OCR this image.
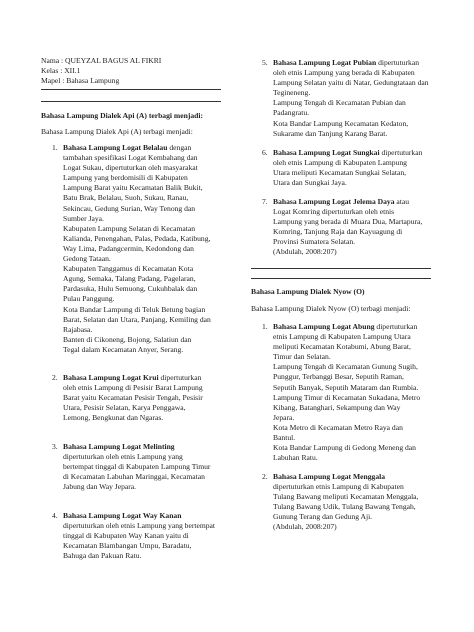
Nama : QUEYZAL BAGUS AL FIKRI
Kelas : XII.1
Mapel : Bahasa Lampung
Bahasa Lampung Dialek Api (A) terbagi menjadi:
Bahasa Lampung Dialek Api (A) terbagi menjadi:
1. Bahasa Lampung Logat Belalau dengan
tambahan spesifikasi Logat Kembahang dan
Logat Sukau, dipertuturkan oleh masyarakat
Lampung yang berdomisili di Kabupaten
Lampung Barat yaitu Kecamatan Balik Bukit,
Batu Brak, Belalau, Suoh, Sukau, Ranau,
Sekincau, Gedung Surian, Way Tenong dan
Sumber Jaya.
Kabupaten Lampung Selatan di Kecamatan
Kalianda, Penengahan, Palas, Pedada, Katibung,
Way Lima, Padangcermin, Kedondong dan
Gedong Tataan.
Kabupaten Tanggamus di Kecamatan Kota
Agung, Semaka, Talang Padang, Pagelaran,
Pardasuka, Hulu Semuong, Cukuhbalak dan
Pulau Panggung.
Kota Bandar Lampung di Teluk Betung bagian
Barat, Selatan dan Utara, Panjang, Kemiling dan
Rajabasa.
Banten di Cikoneng, Bojong, Salatiun dan
Tegal dalam Kecamatan Anyer, Serang.

2. Bahasa Lampung Logat Krui dipertuturkan
oleh etnis Lampung di Pesisir Barat Lampung
Barat yaitu Kecamatan Pesisir Tengah, Pesisir
Utara, Pesisir Selatan, Karya Penggawa,
Lemong, Bengkunat dan Ngaras.

3. Bahasa Lampung Logat Melinting
dipertuturkan oleh etnis Lampung yang
bertempat tinggal di Kabupaten Lampung Timur
di Kecamatan Labuhan Maringgai, Kecamatan
Jabung dan Way Jepara.

4. Bahasa Lampung Logat Way Kanan
dipertuturkan oleh etnis Lampung yang bertempat
tinggal di Kabupaten Way Kanan yaitu di
Kecamatan Blambangan Umpu, Baradatu,
Bahuga dan Pakuan Ratu.

5. Bahasa Lampung Logat Pubian dipertuturkan
oleh etnis Lampung yang berada di Kabupaten
Lampung Selatan yaitu di Natar, Gedungtataan dan
Tegineneng.
Lampung Tengah di Kecamatan Pubian dan
Padangratu.
Kota Bandar Lampung Kecamatan Kedaton,
Sukarame dan Tanjung Karang Barat.

6. Bahasa Lampung Logat Sungkai dipertuturkan
oleh etnis Lampung di Kabupaten Lampung
Utara meliputi Kecamatan Sungkai Selatan,
Utara dan Sungkai Jaya.

7. Bahasa Lampung Logat Jelema Daya atau
Logat Komring dipertuturkan oleh etnis
Lampung yang berada di Muara Dua, Martapura,
Komring, Tanjung Raja dan Kayuagung di
Provinsi Sumatera Selatan.
(Abdulah, 2008:207)

Bahasa Lampung Dialek Nyow (O)
Bahasa Lampung Dialek Nyow (O) terbagi menjadi:
1. Bahasa Lampung Logat Abung dipertuturkan
etnis Lampung di Kabupaten Lampung Utara
meliputi Kecamatan Kotabumi, Abung Barat,
Timur dan Selatan.
Lampung Tengah di Kecamatan Gunung Sugih,
Punggur, Terbanggi Besar, Seputih Raman,
Seputih Banyak, Seputih Mataram dan Rumbia.
Lampung Timur di Kecamatan Sukadana, Metro
Kibang, Batanghari, Sekampung dan Way
Jepara.
Kota Metro di Kecamatan Metro Raya dan
Bantul.
Kota Bandar Lampung di Gedong Meneng dan
Labuhan Ratu.

2. Bahasa Lampung Logat Menggala
dipertuturkan etnis Lampung di Kabupaten
Tulang Bawang meliputi Kecamatan Menggala,
Tulang Bawang Udik, Tulang Bawang Tengah,
Gunung Terang dan Gedung Aji.
(Abdulah, 2008:207)
